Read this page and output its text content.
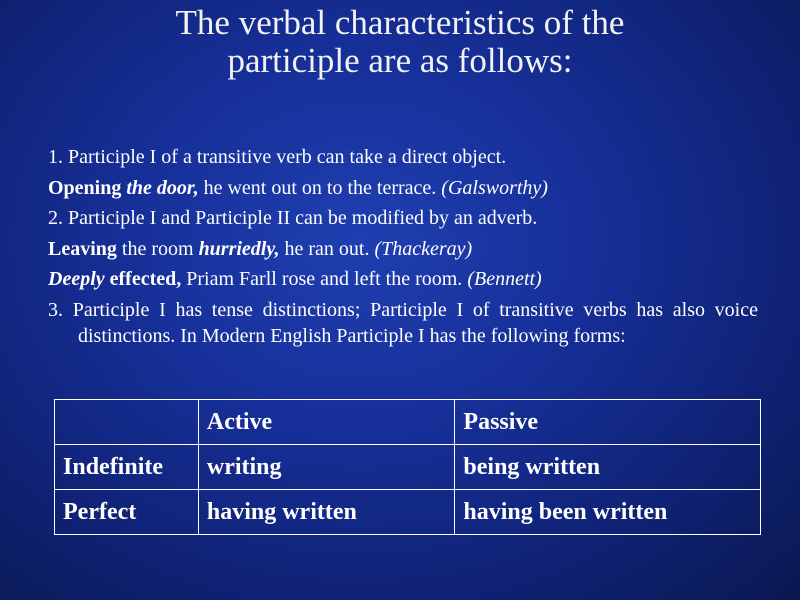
The verbal characteristics of the
participle are as follows:

1. Participle I of a transitive verb can take a direct object.

Opening the door, he went out on to the terrace. (Galsworthy)

2. Participle I and Participle II can be modified by an adverb.

Leaving the room hurriedly, he ran out. (Thackeray)

Deeply effected, Priam Farll rose and left the room. (Bennett)

3. Participle I has tense distinctions; Participle I of transitive verbs has also voice distinctions. In Modern English Participle I has the following forms:

	Active	Passive
Indefinite	writing	being written
Perfect	having written	having been written
